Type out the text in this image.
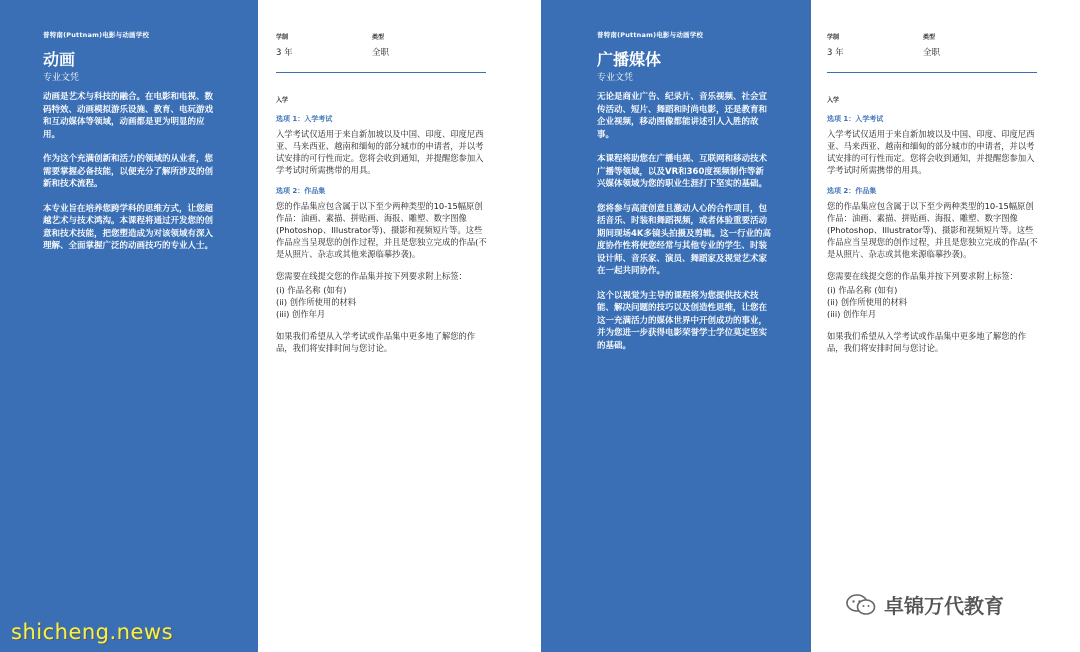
普特南(Puttnam)电影与动画学校
动画
专业文凭

动画是艺术与科技的融合。在电影和电视、数码特效、动画模拟游乐设施、教育、电玩游戏和互动媒体等领域，动画都是更为明显的应用。

作为这个充满创新和活力的领域的从业者，您需要掌握必备技能，以便充分了解所涉及的创新和技术流程。

本专业旨在培养您跨学科的思维方式，让您超越艺术与技术鸿沟。本课程将通过开发您的创意和技术技能，把您塑造成为对该领域有深入理解、全面掌握广泛的动画技巧的专业人士。

学制
3 年
类型
全职
入学
选项 1：入学考试

入学考试仅适用于来自新加坡以及中国、印度、印度尼西亚、马来西亚、越南和缅甸的部分城市的申请者，并以考试安排的可行性而定。您将会收到通知，并提醒您参加入学考试时所需携带的用具。

选项 2：作品集

您的作品集应包含属于以下至少两种类型的10-15幅原创作品：油画、素描、拼贴画、海报、雕塑、数字图像(Photoshop、Illustrator等)、摄影和视频短片等。这些作品应当呈现您的创作过程，并且是您独立完成的作品(不是从照片、杂志或其他来源临摹抄袭)。

您需要在线提交您的作品集并按下列要求附上标签：

(i) 作品名称 (如有)
(ii) 创作所使用的材料
(iii) 创作年月

如果我们希望从入学考试或作品集中更多地了解您的作品，我们将安排时间与您讨论。

普特南(Puttnam)电影与动画学校
广播媒体
专业文凭

无论是商业广告、纪录片、音乐视频、社会宣传活动、短片、舞蹈和时尚电影，还是教育和企业视频，移动图像都能讲述引人入胜的故事。

本课程将助您在广播电视、互联网和移动技术广播等领域，以及VR和360度视频制作等新兴媒体领域为您的职业生涯打下坚实的基础。

您将参与高度创意且激动人心的合作项目，包括音乐、时装和舞蹈视频，或者体验重要活动期间现场4K多镜头拍摄及剪辑。这一行业的高度协作性将使您经常与其他专业的学生、时装设计师、音乐家、演员、舞蹈家及视觉艺术家在一起共同协作。

这个以视觉为主导的课程将为您提供技术技能、解决问题的技巧以及创造性思维，让您在这一充满活力的媒体世界中开创成功的事业，并为您进一步获得电影荣誉学士学位莫定坚实的基础。

学制
3 年
类型
全职
入学
选项 1：入学考试

入学考试仅适用于来自新加坡以及中国、印度、印度尼西亚、马来西亚、越南和缅甸的部分城市的申请者，并以考试安排的可行性而定。您将会收到通知，并提醒您参加入学考试时所需携带的用具。

选项 2：作品集

您的作品集应包含属于以下至少两种类型的10-15幅原创作品：油画、素描、拼贴画、海报、雕塑、数字图像(Photoshop、Illustrator等)、摄影和视频短片等。这些作品应当呈现您的创作过程，并且是您独立完成的作品(不是从照片、杂志或其他来源临摹抄袭)。

您需要在线提交您的作品集并按下列要求附上标签：

(i) 作品名称 (如有)
(ii) 创作所使用的材料
(iii) 创作年月

如果我们希望从入学考试或作品集中更多地了解您的作品，我们将安排时间与您讨论。

shicheng.news
卓锦万代教育
